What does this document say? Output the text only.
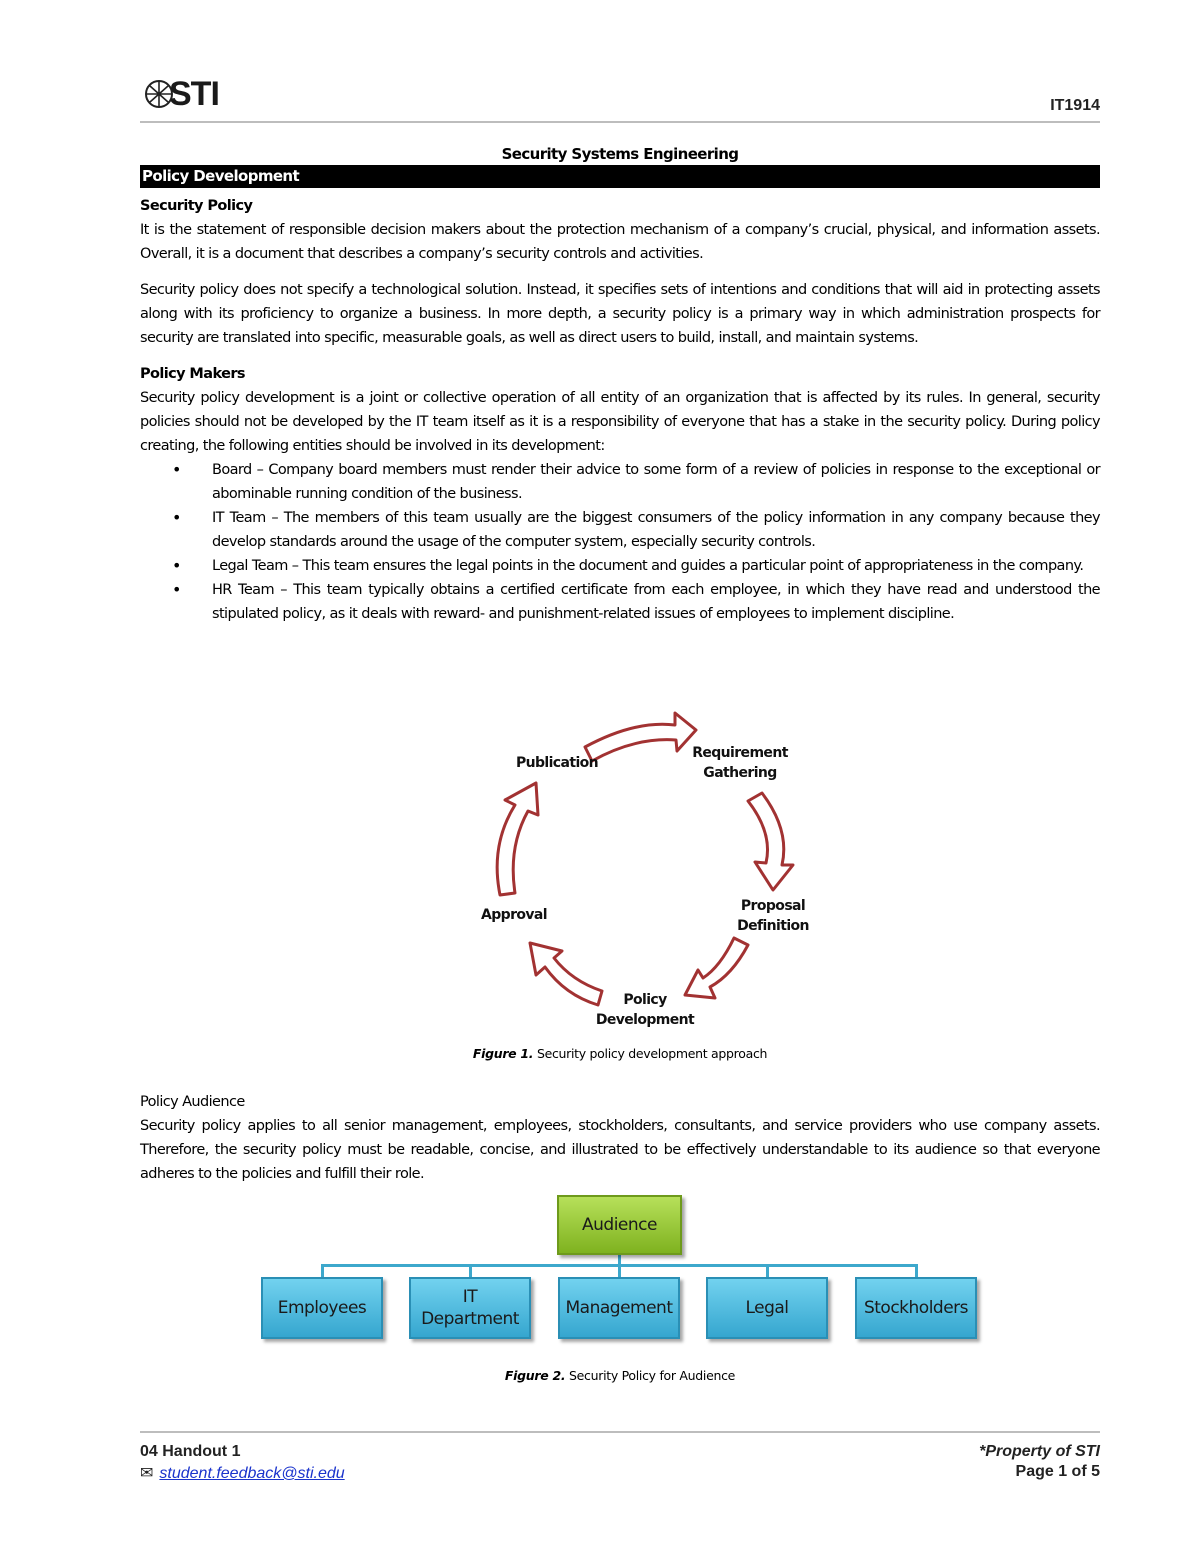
STI	IT1914
Security Systems Engineering
Policy Development
Security Policy
It is the statement of responsible decision makers about the protection mechanism of a company’s crucial, physical, and information assets. Overall, it is a document that describes a company’s security controls and activities.
Security policy does not specify a technological solution. Instead, it specifies sets of intentions and conditions that will aid in protecting assets along with its proficiency to organize a business. In more depth, a security policy is a primary way in which administration prospects for security are translated into specific, measurable goals, as well as direct users to build, install, and maintain systems.
Policy Makers
Security policy development is a joint or collective operation of all entity of an organization that is affected by its rules. In general, security policies should not be developed by the IT team itself as it is a responsibility of everyone that has a stake in the security policy. During policy creating, the following entities should be involved in its development:
• Board – Company board members must render their advice to some form of a review of policies in response to the exceptional or abominable running condition of the business.
• IT Team – The members of this team usually are the biggest consumers of the policy information in any company because they develop standards around the usage of the computer system, especially security controls.
• Legal Team – This team ensures the legal points in the document and guides a particular point of appropriateness in the company.
• HR Team – This team typically obtains a certified certificate from each employee, in which they have read and understood the stipulated policy, as it deals with reward- and punishment-related issues of employees to implement discipline.
Publication
Requirement
Gathering
Proposal
Definition
Policy
Development
Approval
Figure 1. Security policy development approach
Policy Audience
Security policy applies to all senior management, employees, stockholders, consultants, and service providers who use company assets. Therefore, the security policy must be readable, concise, and illustrated to be effectively understandable to its audience so that everyone adheres to the policies and fulfill their role.
Audience
Employees
IT
Department
Management	Legal	Stockholders
Figure 2. Security Policy for Audience
04 Handout 1
✉ student.feedback@sti.edu
*Property of STI
Page 1 of 5
